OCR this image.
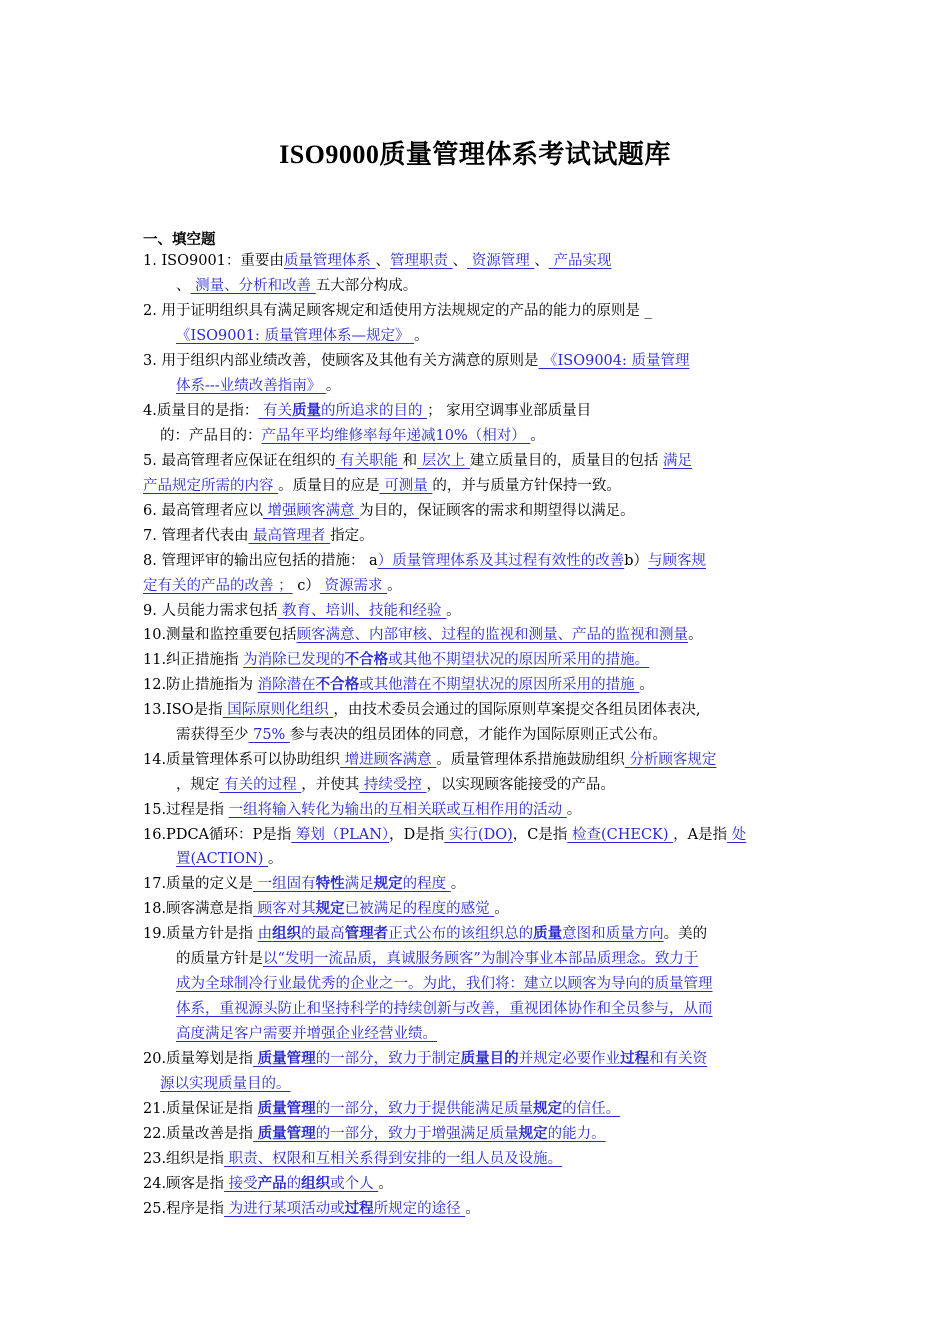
ISO9000质量管理体系考试试题库
一、填空题
1. ISO9001：重要由质量管理体系 、管理职责 、 资源管理 、 产品实现
、 测量、分析和改善 五大部分构成。
2. 用于证明组织具有满足顾客规定和适使用方法规规定的产品的能力的原则是 _
《ISO9001: 质量管理体系—规定》 。
3. 用于组织内部业绩改善，使顾客及其他有关方满意的原则是 《ISO9004: 质量管理
体系---业绩改善指南》 。
4.质量目的是指： 有关质量的所追求的目的 ； 家用空调事业部质量目
的：产品目的：产品年平均维修率每年递减10%（相对） 。
5. 最高管理者应保证在组织的 有关职能 和 层次上 建立质量目的，质量目的包括 满足
产品规定所需的内容 。质量目的应是 可测量 的，并与质量方针保持一致。
6. 最高管理者应以 增强顾客满意 为目的，保证顾客的需求和期望得以满足。
7. 管理者代表由 最高管理者 指定。
8. 管理评审的输出应包括的措施： a）质量管理体系及其过程有效性的改善b）与顾客规
定有关的产品的改善 ； c） 资源需求 。
9. 人员能力需求包括 教育、培训、技能和经验 。
10.测量和监控重要包括顾客满意、内部审核、过程的监视和测量、产品的监视和测量。
11.纠正措施指 为消除已发现的不合格或其他不期望状况的原因所采用的措施。
12.防止措施指为 消除潜在不合格或其他潜在不期望状况的原因所采用的措施 。
13.ISO是指 国际原则化组织 ，由技术委员会通过的国际原则草案提交各组员团体表决,
需获得至少 75% 参与表决的组员团体的同意，才能作为国际原则正式公布。
14.质量管理体系可以协助组织 增进顾客满意 。质量管理体系措施鼓励组织 分析顾客规定
，规定 有关的过程 ，并使其 持续受控 ，以实现顾客能接受的产品。
15.过程是指 一组将输入转化为输出的互相关联或互相作用的活动 。
16.PDCA循环：P是指 筹划（PLAN），D是指 实行(DO)，C是指 检查(CHECK) ，A是指 处
置(ACTION) 。
17.质量的定义是 一组固有特性满足规定的程度 。
18.顾客满意是指 顾客对其规定已被满足的程度的感觉 。
19.质量方针是指 由组织的最高管理者正式公布的该组织总的质量意图和质量方向。美的
的质量方针是以“发明一流品质，真诚服务顾客”为制冷事业本部品质理念。致力于
成为全球制冷行业最优秀的企业之一。为此，我们将：建立以顾客为导向的质量管理
体系，重视源头防止和坚持科学的持续创新与改善，重视团体协作和全员参与，从而
高度满足客户需要并增强企业经营业绩。
20.质量筹划是指 质量管理的一部分，致力于制定质量目的并规定必要作业过程和有关资
源以实现质量目的。
21.质量保证是指 质量管理的一部分，致力于提供能满足质量规定的信任。
22.质量改善是指 质量管理的一部分，致力于增强满足质量规定的能力。
23.组织是指 职责、权限和互相关系得到安排的一组人员及设施。
24.顾客是指 接受产品的组织或个人 。
25.程序是指 为进行某项活动或过程所规定的途径 。
